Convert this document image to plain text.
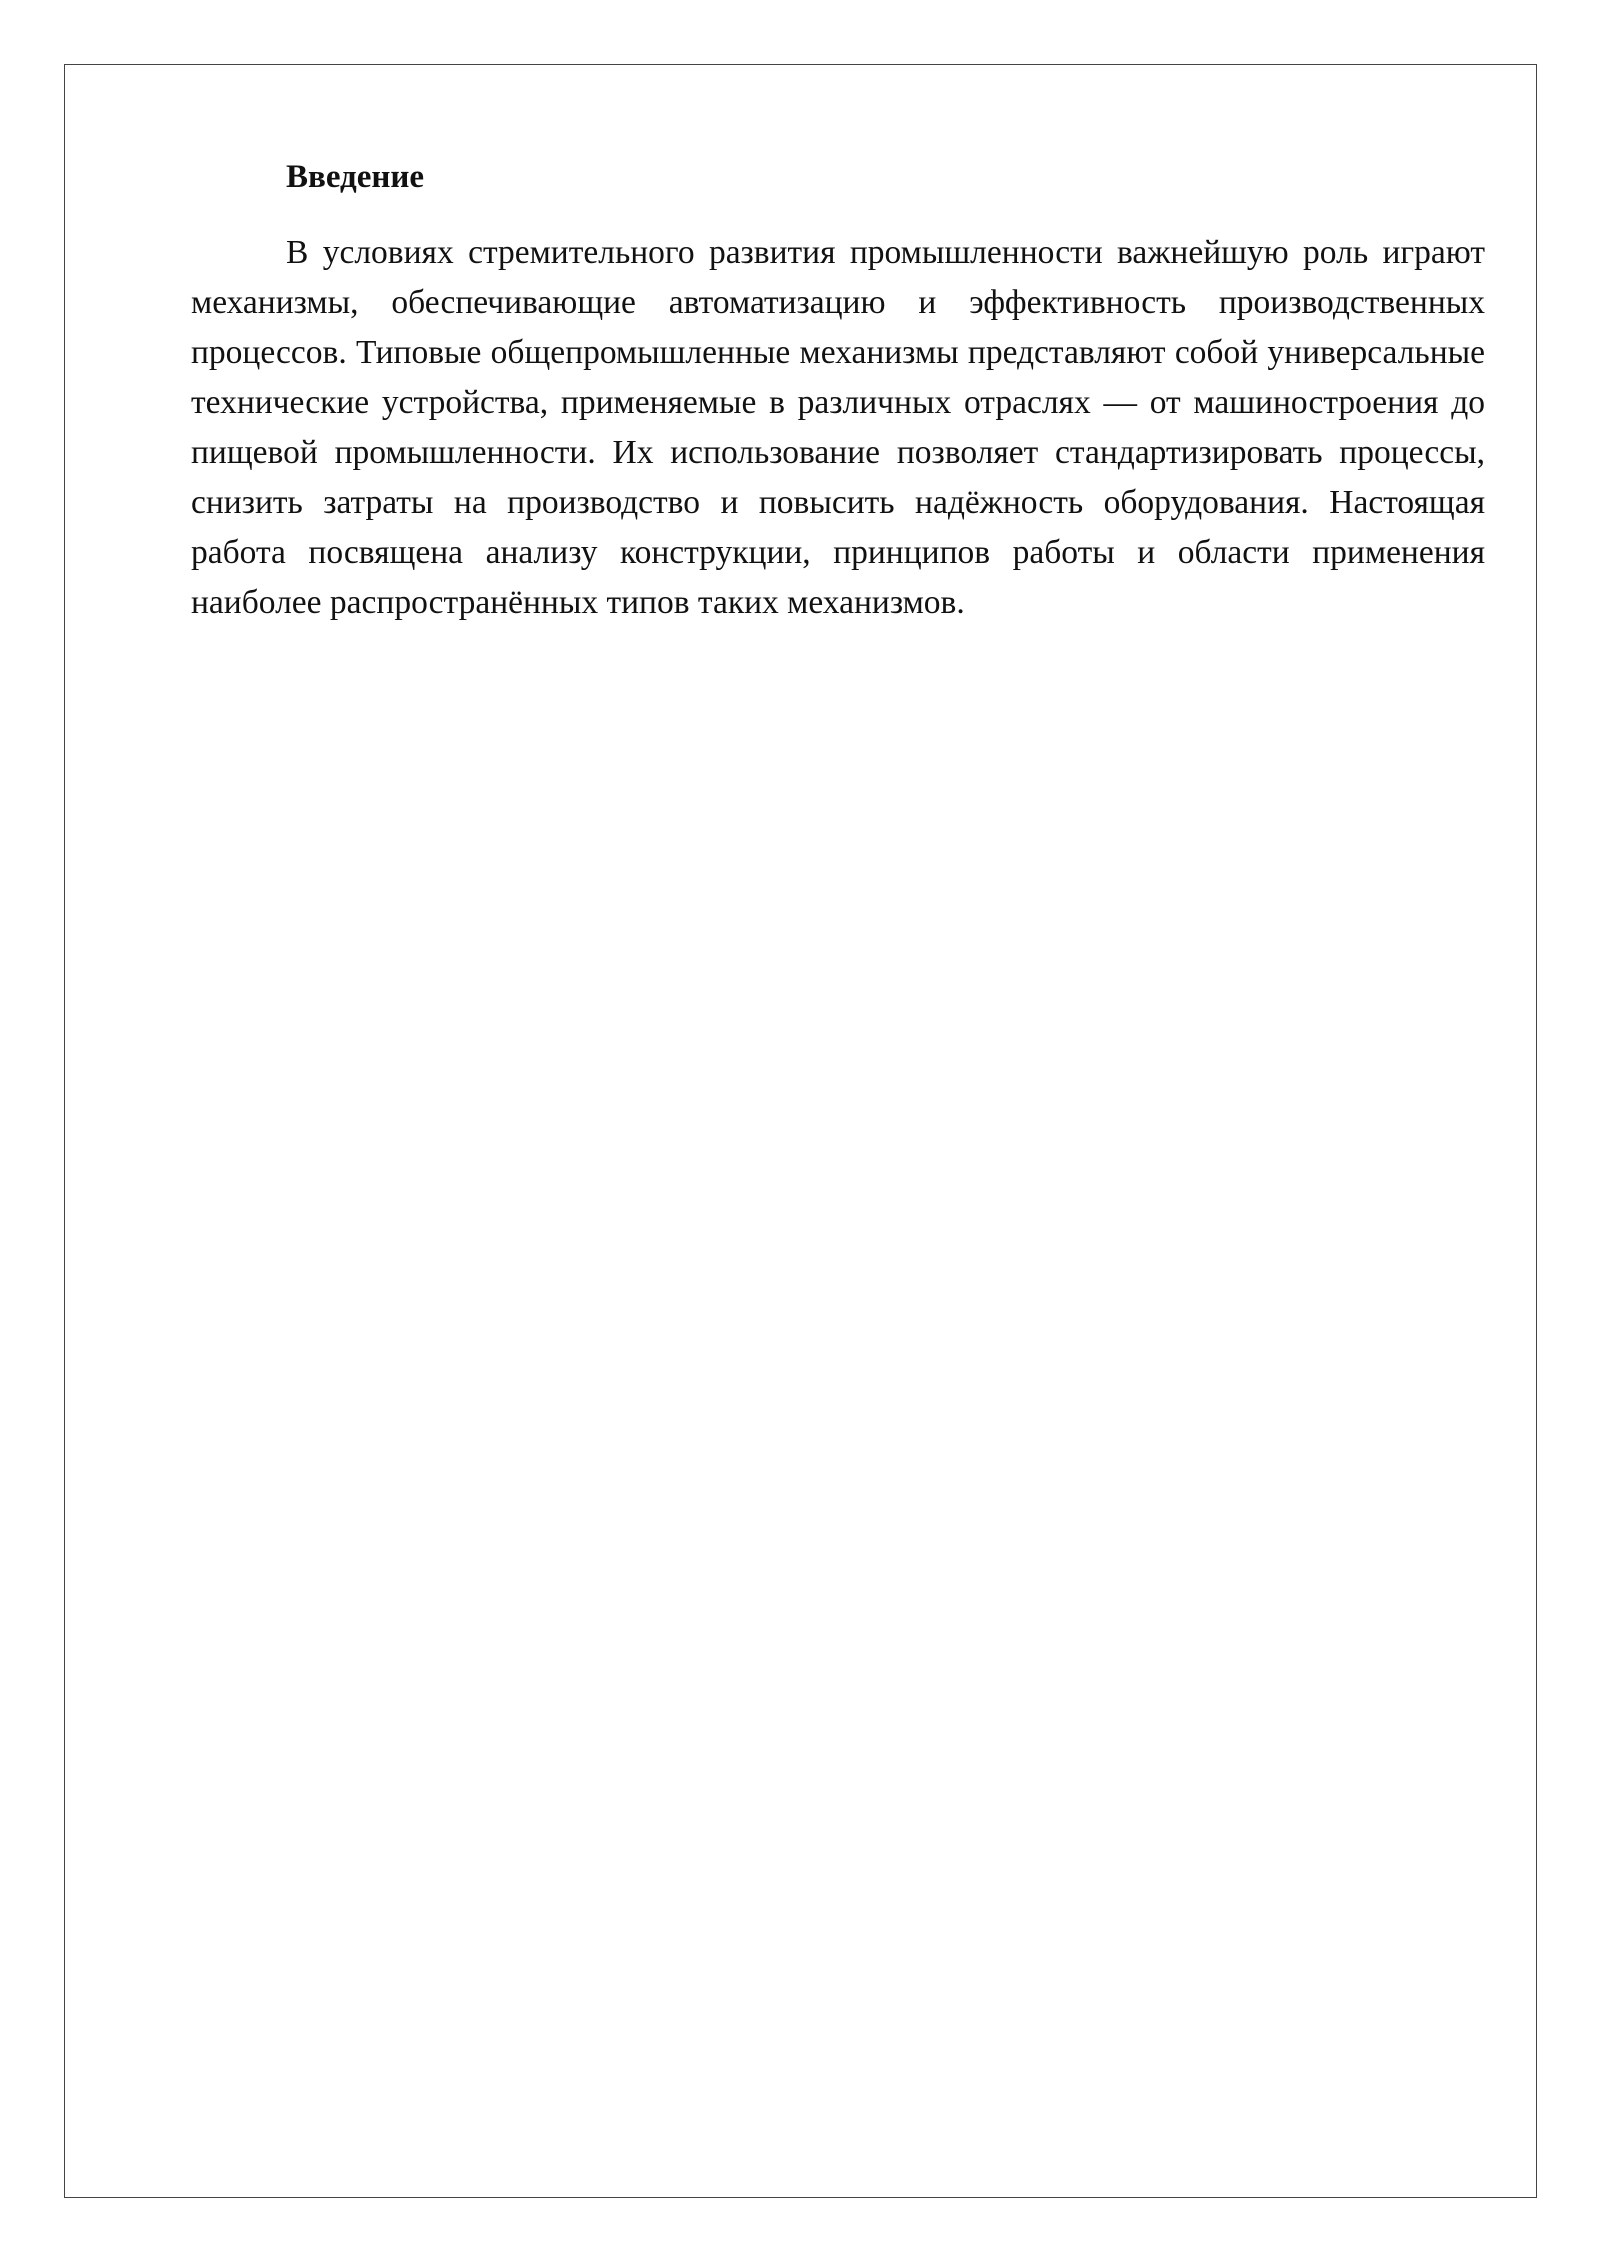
Введение

В условиях стремительного развития промышленности важнейшую роль играют механизмы, обеспечивающие автоматизацию и эффективность производственных процессов. Типовые общепромышленные механизмы представляют собой универсальные технические устройства, применяемые в различных отраслях — от машиностроения до пищевой промышленности. Их использование позволяет стандартизировать процессы, снизить затраты на производство и повысить надёжность оборудования. Настоящая работа посвящена анализу конструкции, принципов работы и области применения наиболее распространённых типов таких механизмов.
